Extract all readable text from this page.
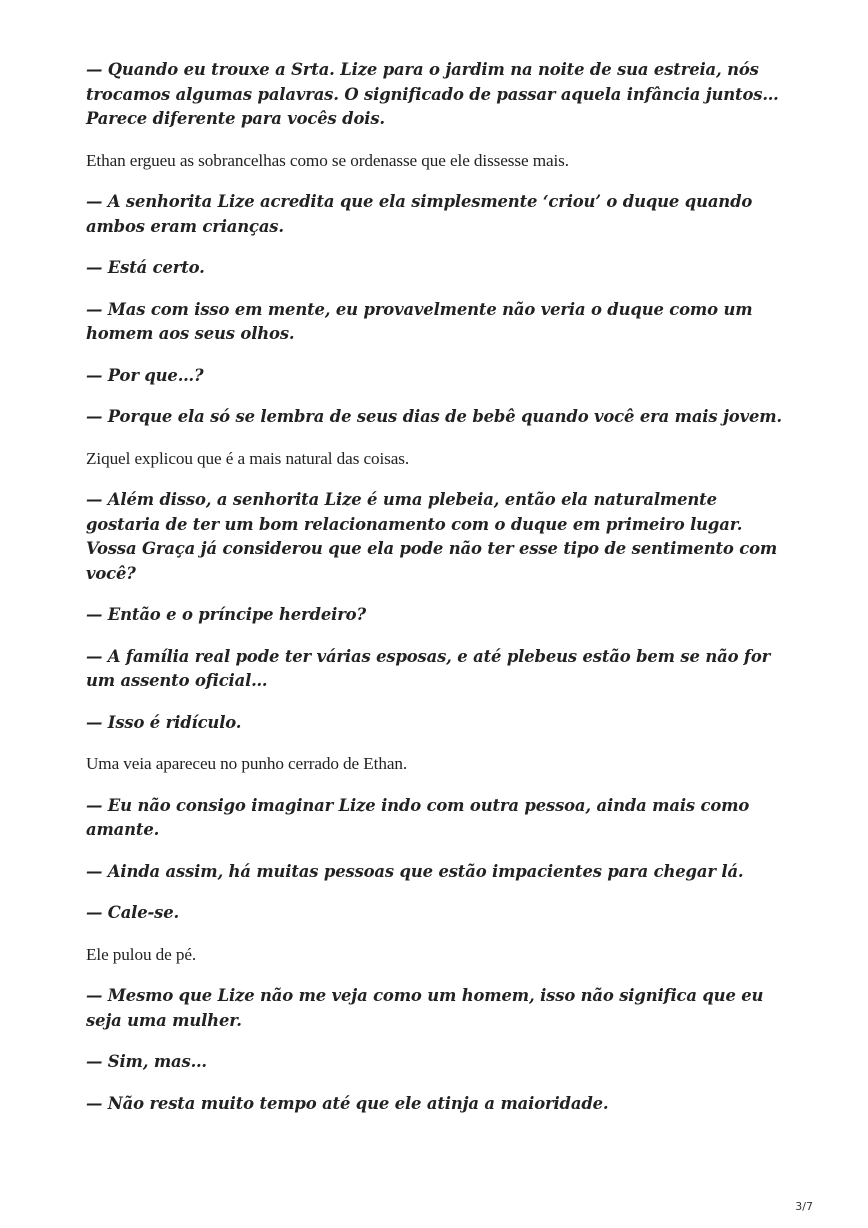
— Quando eu trouxe a Srta. Lize para o jardim na noite de sua estreia, nós trocamos algumas palavras. O significado de passar aquela infância juntos… Parece diferente para vocês dois.

Ethan ergueu as sobrancelhas como se ordenasse que ele dissesse mais.

— A senhorita Lize acredita que ela simplesmente ‘criou’ o duque quando ambos eram crianças.

— Está certo.

— Mas com isso em mente, eu provavelmente não veria o duque como um homem aos seus olhos.

— Por que…?

— Porque ela só se lembra de seus dias de bebê quando você era mais jovem.

Ziquel explicou que é a mais natural das coisas.

— Além disso, a senhorita Lize é uma plebeia, então ela naturalmente gostaria de ter um bom relacionamento com o duque em primeiro lugar. Vossa Graça já considerou que ela pode não ter esse tipo de sentimento com você?

— Então e o príncipe herdeiro?

— A família real pode ter várias esposas, e até plebeus estão bem se não for um assento oficial…

— Isso é ridículo.

Uma veia apareceu no punho cerrado de Ethan.

— Eu não consigo imaginar Lize indo com outra pessoa, ainda mais como amante.

— Ainda assim, há muitas pessoas que estão impacientes para chegar lá.

— Cale-se.

Ele pulou de pé.

— Mesmo que Lize não me veja como um homem, isso não significa que eu seja uma mulher.

— Sim, mas…

— Não resta muito tempo até que ele atinja a maioridade.

3/7
